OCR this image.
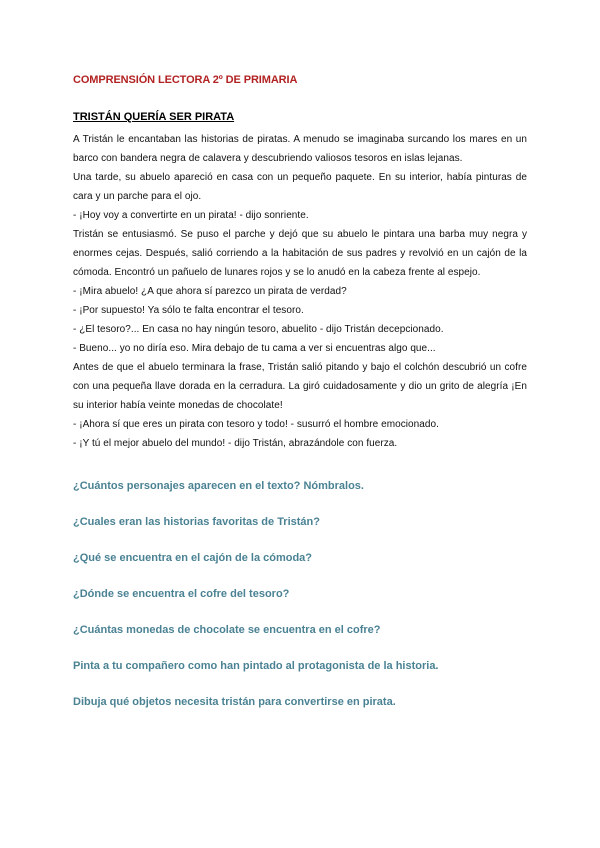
COMPRENSIÓN LECTORA 2º DE PRIMARIA
TRISTÁN QUERÍA SER PIRATA

A Tristán le encantaban las historias de piratas. A menudo se imaginaba surcando los mares en un barco con bandera negra de calavera y descubriendo valiosos tesoros en islas lejanas.

Una tarde, su abuelo apareció en casa con un pequeño paquete. En su interior, había pinturas de cara y un parche para el ojo.

- ¡Hoy voy a convertirte en un pirata! - dijo sonriente.

Tristán se entusiasmó. Se puso el parche y dejó que su abuelo le pintara una barba muy negra y enormes cejas. Después, salió corriendo a la habitación de sus padres y revolvió en un cajón de la cómoda. Encontró un pañuelo de lunares rojos y se lo anudó en la cabeza frente al espejo.

- ¡Mira abuelo! ¿A que ahora sí parezco un pirata de verdad?

- ¡Por supuesto! Ya sólo te falta encontrar el tesoro.

- ¿El tesoro?... En casa no hay ningún tesoro, abuelito - dijo Tristán decepcionado.

- Bueno... yo no diría eso. Mira debajo de tu cama a ver si encuentras algo que...

Antes de que el abuelo terminara la frase, Tristán salió pitando y bajo el colchón descubrió un cofre con una pequeña llave dorada en la cerradura. La giró cuidadosamente y dio un grito de alegría ¡En su interior había veinte monedas de chocolate!

- ¡Ahora sí que eres un pirata con tesoro y todo! - susurró el hombre emocionado.

- ¡Y tú el mejor abuelo del mundo! - dijo Tristán, abrazándole con fuerza.

¿Cuántos personajes aparecen en el texto? Nómbralos.

¿Cuales eran las historias favoritas de Tristán?

¿Qué se encuentra en el cajón de la cómoda?

¿Dónde se encuentra el cofre del tesoro?

¿Cuántas monedas de chocolate se encuentra en el cofre?

Pinta a tu compañero como han pintado al protagonista de la historia.

Dibuja qué objetos necesita tristán para convertirse en pirata.
